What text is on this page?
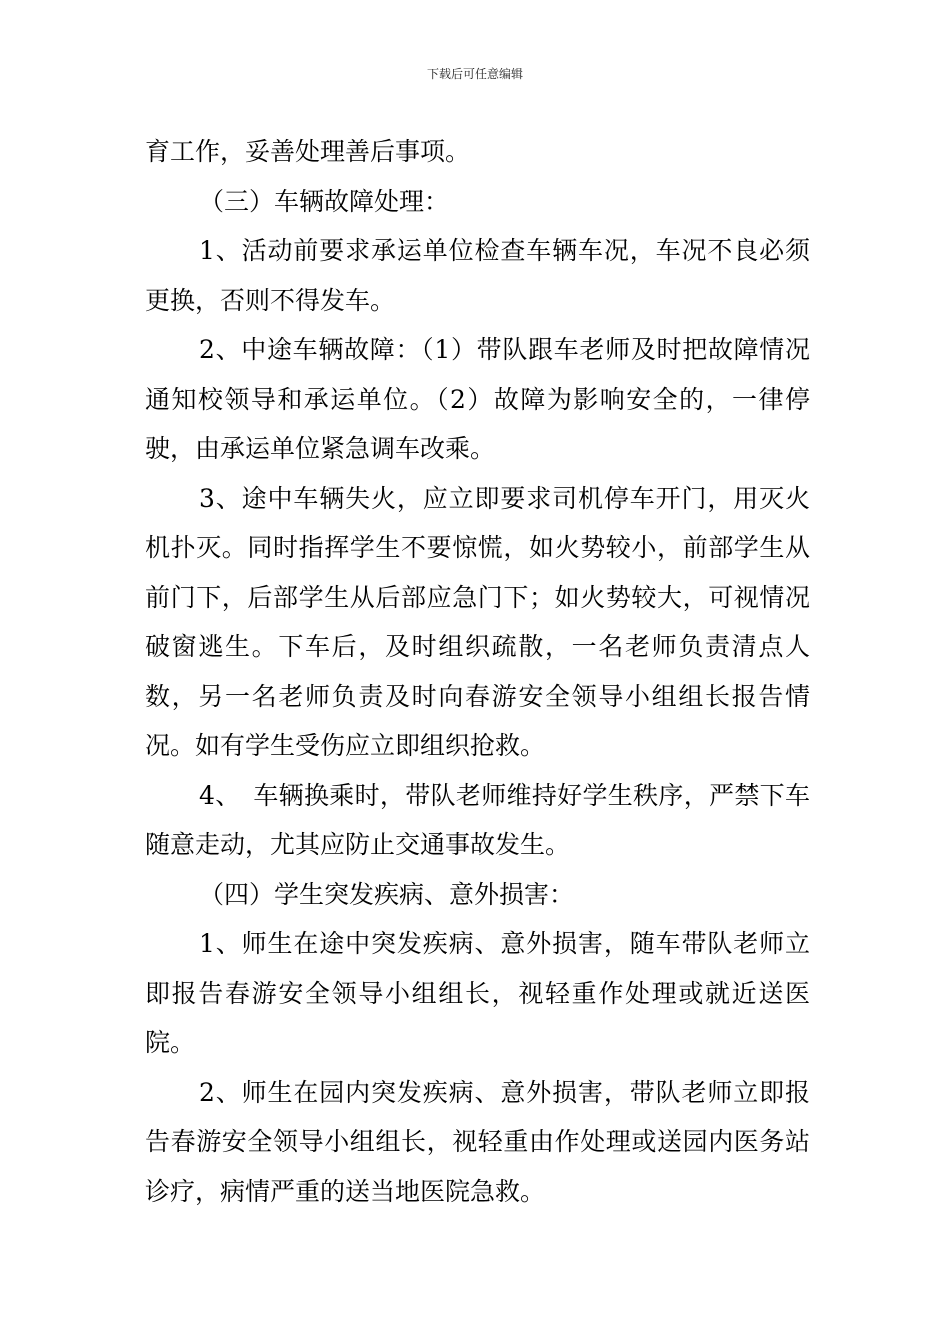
下载后可任意编辑

育工作，妥善处理善后事项。

（三）车辆故障处理：

1、活动前要求承运单位检查车辆车况，车况不良必须更换，否则不得发车。

2、中途车辆故障：（1）带队跟车老师及时把故障情况通知校领导和承运单位。（2）故障为影响安全的，一律停驶，由承运单位紧急调车改乘。

3、途中车辆失火，应立即要求司机停车开门，用灭火机扑灭。同时指挥学生不要惊慌，如火势较小，前部学生从前门下，后部学生从后部应急门下；如火势较大，可视情况破窗逃生。下车后，及时组织疏散，一名老师负责清点人数，另一名老师负责及时向春游安全领导小组组长报告情况。如有学生受伤应立即组织抢救。

4、　车辆换乘时，带队老师维持好学生秩序，严禁下车随意走动，尤其应防止交通事故发生。

（四）学生突发疾病、意外损害：

1、师生在途中突发疾病、意外损害，随车带队老师立即报告春游安全领导小组组长，视轻重作处理或就近送医院。

2、师生在园内突发疾病、意外损害，带队老师立即报告春游安全领导小组组长，视轻重由作处理或送园内医务站诊疗，病情严重的送当地医院急救。
